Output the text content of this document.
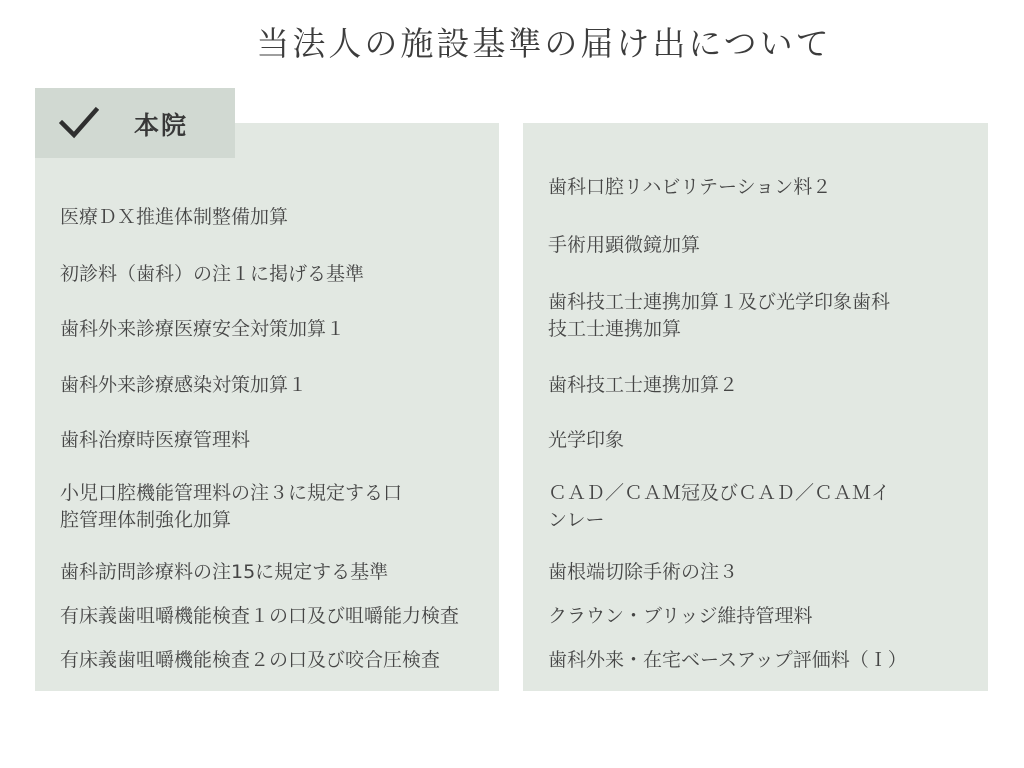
当法人の施設基準の届け出について
医療ＤＸ推進体制整備加算
初診料（歯科）の注１に掲げる基準
歯科外来診療医療安全対策加算１
歯科外来診療感染対策加算１
歯科治療時医療管理料
小児口腔機能管理料の注３に規定する口
腔管理体制強化加算
歯科訪問診療料の注15に規定する基準
有床義歯咀嚼機能検査１の口及び咀嚼能力検査
有床義歯咀嚼機能検査２の口及び咬合圧検査
歯科口腔リハビリテーション料２
手術用顕微鏡加算
歯科技工士連携加算１及び光学印象歯科
技工士連携加算
歯科技工士連携加算２
光学印象
ＣＡＤ／ＣＡＭ冠及びＣＡＤ／ＣＡＭイ
ンレー
歯根端切除手術の注３
クラウン・ブリッジ維持管理料
歯科外来・在宅ベースアップ評価料（Ｉ）
本院
